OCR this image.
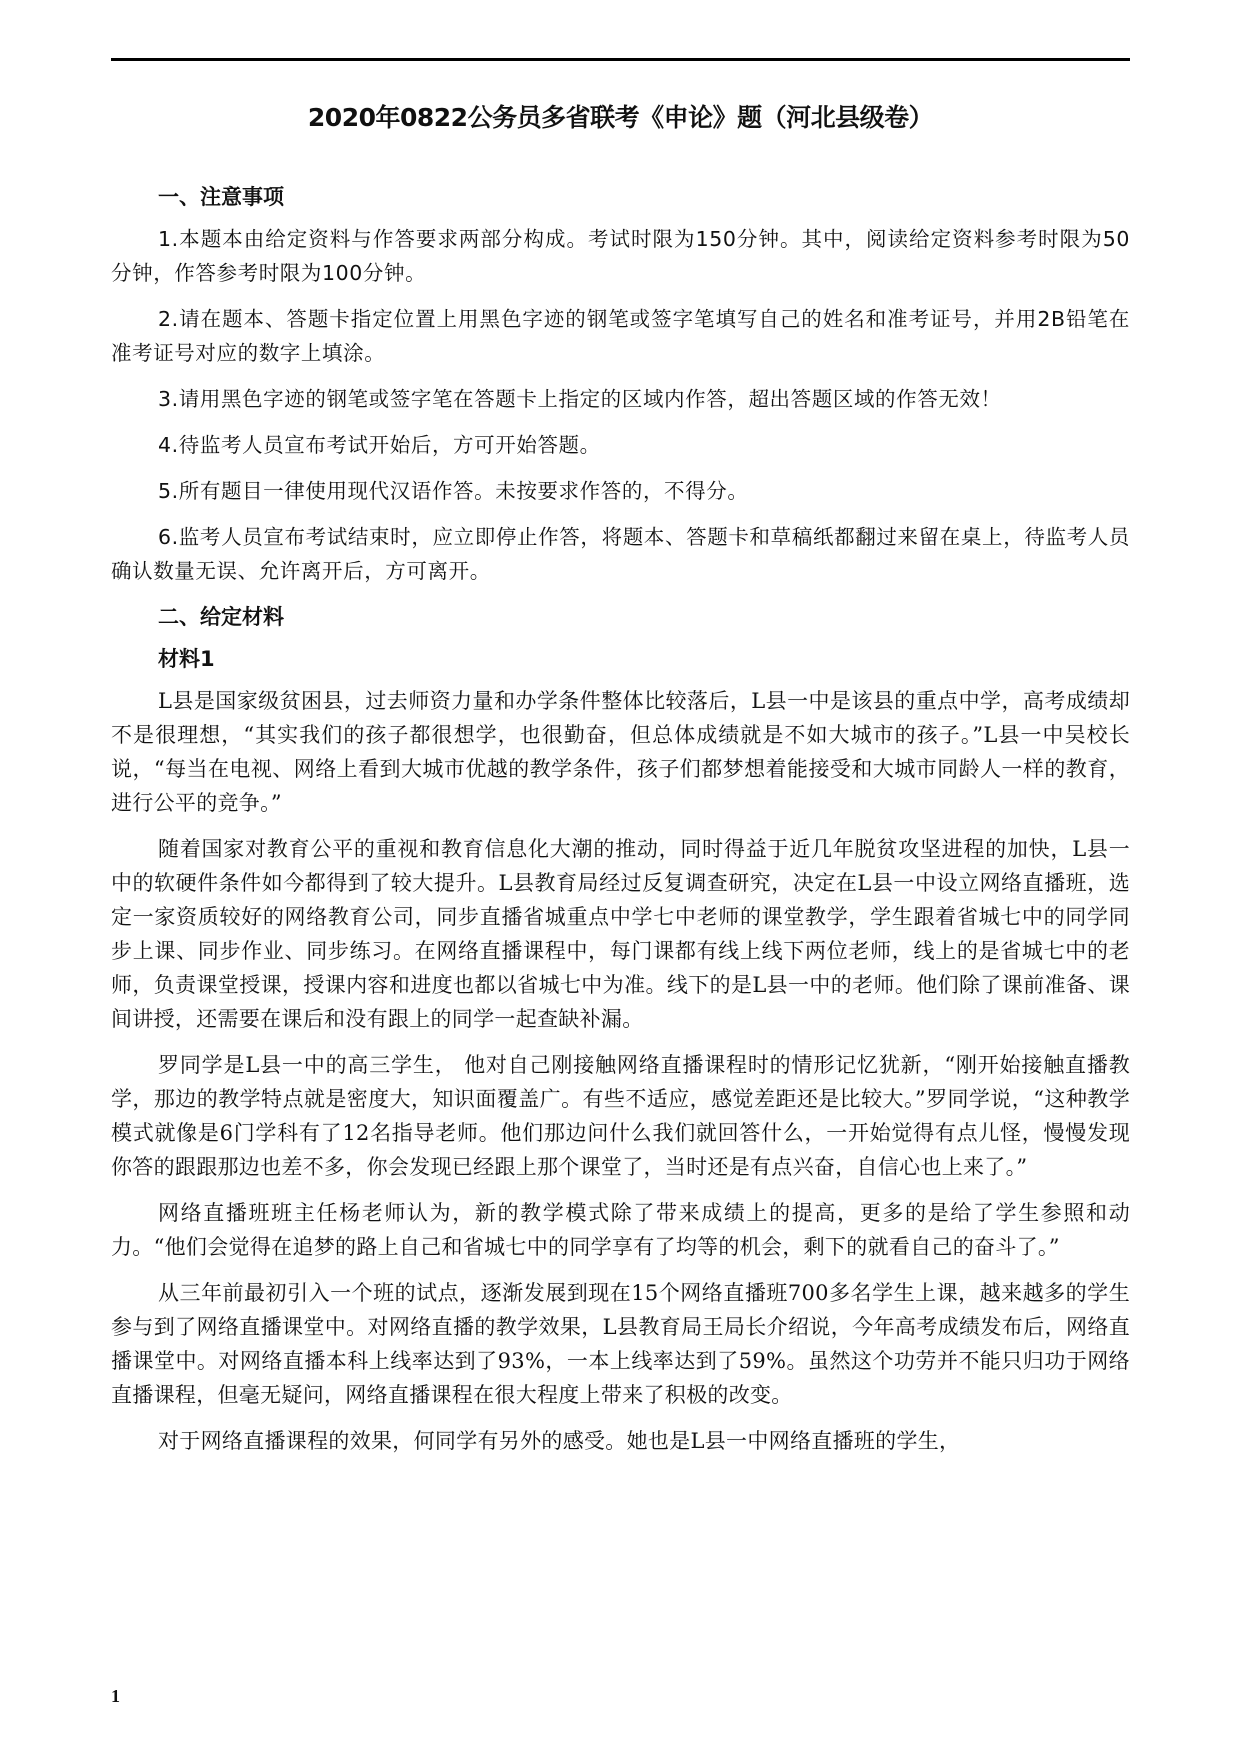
2020年0822公务员多省联考《申论》题（河北县级卷）
一、注意事项

1.本题本由给定资料与作答要求两部分构成。考试时限为150分钟。其中，阅读给定资料参考时限为50分钟，作答参考时限为100分钟。

2.请在题本、答题卡指定位置上用黑色字迹的钢笔或签字笔填写自己的姓名和准考证号，并用2B铅笔在准考证号对应的数字上填涂。

3.请用黑色字迹的钢笔或签字笔在答题卡上指定的区域内作答，超出答题区域的作答无效！

4.待监考人员宣布考试开始后，方可开始答题。

5.所有题目一律使用现代汉语作答。未按要求作答的，不得分。

6.监考人员宣布考试结束时，应立即停止作答，将题本、答题卡和草稿纸都翻过来留在桌上，待监考人员确认数量无误、允许离开后，方可离开。

二、给定材料
材料1

L县是国家级贫困县，过去师资力量和办学条件整体比较落后，L县一中是该县的重点中学，高考成绩却不是很理想，“其实我们的孩子都很想学，也很勤奋，但总体成绩就是不如大城市的孩子。”L县一中吴校长说，“每当在电视、网络上看到大城市优越的教学条件，孩子们都梦想着能接受和大城市同龄人一样的教育，进行公平的竞争。”

随着国家对教育公平的重视和教育信息化大潮的推动，同时得益于近几年脱贫攻坚进程的加快，L县一中的软硬件条件如今都得到了较大提升。L县教育局经过反复调查研究，决定在L县一中设立网络直播班，选定一家资质较好的网络教育公司，同步直播省城重点中学七中老师的课堂教学，学生跟着省城七中的同学同步上课、同步作业、同步练习。在网络直播课程中，每门课都有线上线下两位老师，线上的是省城七中的老师，负责课堂授课，授课内容和进度也都以省城七中为准。线下的是L县一中的老师。他们除了课前准备、课间讲授，还需要在课后和没有跟上的同学一起查缺补漏。

罗同学是L县一中的高三学生， 他对自己刚接触网络直播课程时的情形记忆犹新，“刚开始接触直播教学，那边的教学特点就是密度大，知识面覆盖广。有些不适应，感觉差距还是比较大。”罗同学说，“这种教学模式就像是6门学科有了12名指导老师。他们那边问什么我们就回答什么，一开始觉得有点儿怪，慢慢发现你答的跟跟那边也差不多，你会发现已经跟上那个课堂了，当时还是有点兴奋，自信心也上来了。”

网络直播班班主任杨老师认为，新的教学模式除了带来成绩上的提高，更多的是给了学生参照和动力。“他们会觉得在追梦的路上自己和省城七中的同学享有了均等的机会，剩下的就看自己的奋斗了。”

从三年前最初引入一个班的试点，逐渐发展到现在15个网络直播班700多名学生上课，越来越多的学生参与到了网络直播课堂中。对网络直播的教学效果，L县教育局王局长介绍说，今年高考成绩发布后，网络直播课堂中。对网络直播本科上线率达到了93%，一本上线率达到了59%。虽然这个功劳并不能只归功于网络直播课程，但毫无疑问，网络直播课程在很大程度上带来了积极的改变。

对于网络直播课程的效果，何同学有另外的感受。她也是L县一中网络直播班的学生，

1
